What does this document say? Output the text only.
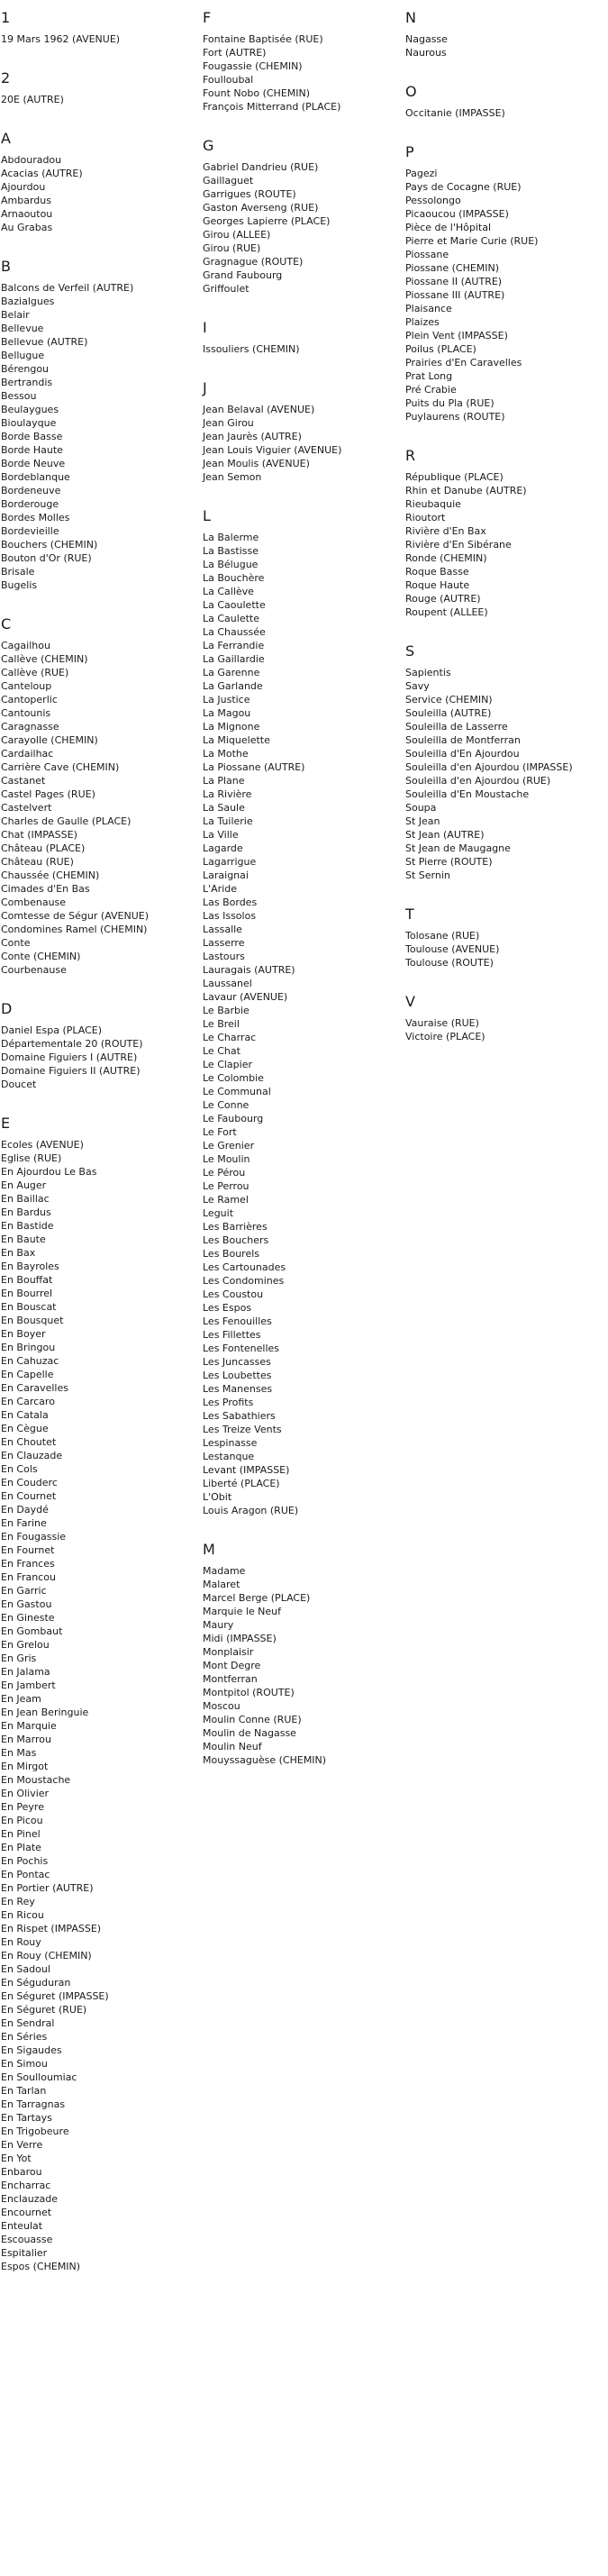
1
19 Mars 1962 (AVENUE)
2
20E (AUTRE)
A
Abdouradou
Acacias (AUTRE)
Ajourdou
Ambardus
Arnaoutou
Au Grabas
B
Balcons de Verfeil (AUTRE)
Bazialgues
Belair
Bellevue
Bellevue (AUTRE)
Bellugue
Bérengou
Bertrandis
Bessou
Beulaygues
Bioulayque
Borde Basse
Borde Haute
Borde Neuve
Bordeblanque
Bordeneuve
Borderouge
Bordes Molles
Bordevieille
Bouchers (CHEMIN)
Bouton d'Or (RUE)
Brisale
Bugelis
C
Cagailhou
Callève (CHEMIN)
Callève (RUE)
Canteloup
Cantoperlic
Cantounis
Caragnasse
Carayolle (CHEMIN)
Cardailhac
Carrière Cave (CHEMIN)
Castanet
Castel Pages (RUE)
Castelvert
Charles de Gaulle (PLACE)
Chat (IMPASSE)
Château (PLACE)
Château (RUE)
Chaussée (CHEMIN)
Cimades d'En Bas
Combenause
Comtesse de Ségur (AVENUE)
Condomines Ramel (CHEMIN)
Conte
Conte (CHEMIN)
Courbenause
D
Daniel Espa (PLACE)
Départementale 20 (ROUTE)
Domaine Figuiers I (AUTRE)
Domaine Figuiers II (AUTRE)
Doucet
E
Ecoles (AVENUE)
Eglise (RUE)
En Ajourdou Le Bas
En Auger
En Baillac
En Bardus
En Bastide
En Baute
En Bax
En Bayroles
En Bouffat
En Bourrel
En Bouscat
En Bousquet
En Boyer
En Bringou
En Cahuzac
En Capelle
En Caravelles
En Carcaro
En Catala
En Cègue
En Choutet
En Clauzade
En Cols
En Couderc
En Cournet
En Daydé
En Farine
En Fougassie
En Fournet
En Frances
En Francou
En Garric
En Gastou
En Gineste
En Gombaut
En Grelou
En Gris
En Jalama
En Jambert
En Jeam
En Jean Beringuie
En Marquie
En Marrou
En Mas
En Mirgot
En Moustache
En Olivier
En Peyre
En Picou
En Pinel
En Plate
En Pochis
En Pontac
En Portier (AUTRE)
En Rey
En Ricou
En Rispet (IMPASSE)
En Rouy
En Rouy (CHEMIN)
En Sadoul
En Séguduran
En Séguret (IMPASSE)
En Séguret (RUE)
En Sendral
En Séries
En Sigaudes
En Simou
En Soulloumiac
En Tarlan
En Tarragnas
En Tartays
En Trigobeure
En Verre
En Yot
Enbarou
Encharrac
Enclauzade
Encournet
Enteulat
Escouasse
Espitalier
Espos (CHEMIN)
F
Fontaine Baptisée (RUE)
Fort (AUTRE)
Fougassie (CHEMIN)
Foulloubal
Fount Nobo (CHEMIN)
François Mitterrand (PLACE)
G
Gabriel Dandrieu (RUE)
Gaillaguet
Garrigues (ROUTE)
Gaston Averseng (RUE)
Georges Lapierre (PLACE)
Girou (ALLEE)
Girou (RUE)
Gragnague (ROUTE)
Grand Faubourg
Griffoulet
I
Issouliers (CHEMIN)
J
Jean Belaval (AVENUE)
Jean Girou
Jean Jaurès (AUTRE)
Jean Louis Viguier (AVENUE)
Jean Moulis (AVENUE)
Jean Semon
L
La Balerme
La Bastisse
La Bélugue
La Bouchère
La Callève
La Caoulette
La Caulette
La Chaussée
La Ferrandie
La Gaillardie
La Garenne
La Garlande
La Justice
La Magou
La Mignone
La Miquelette
La Mothe
La Piossane (AUTRE)
La Plane
La Rivière
La Saule
La Tuilerie
La Ville
Lagarde
Lagarrigue
Laraignai
L'Aride
Las Bordes
Las Issolos
Lassalle
Lasserre
Lastours
Lauragais (AUTRE)
Laussanel
Lavaur (AVENUE)
Le Barbie
Le Breil
Le Charrac
Le Chat
Le Clapier
Le Colombie
Le Communal
Le Conne
Le Faubourg
Le Fort
Le Grenier
Le Moulin
Le Pérou
Le Perrou
Le Ramel
Leguit
Les Barrières
Les Bouchers
Les Bourels
Les Cartounades
Les Condomines
Les Coustou
Les Espos
Les Fenouilles
Les Fillettes
Les Fontenelles
Les Juncasses
Les Loubettes
Les Manenses
Les Profits
Les Sabathiers
Les Treize Vents
Lespinasse
Lestanque
Levant (IMPASSE)
Liberté (PLACE)
L'Obit
Louis Aragon (RUE)
M
Madame
Malaret
Marcel Berge (PLACE)
Marquie le Neuf
Maury
Midi (IMPASSE)
Monplaisir
Mont Degre
Montferran
Montpitol (ROUTE)
Moscou
Moulin Conne (RUE)
Moulin de Nagasse
Moulin Neuf
Mouyssaguèse (CHEMIN)
N
Nagasse
Naurous
O
Occitanie (IMPASSE)
P
Pagezi
Pays de Cocagne (RUE)
Pessolongo
Picaoucou (IMPASSE)
Pièce de l'Hôpital
Pierre et Marie Curie (RUE)
Piossane
Piossane (CHEMIN)
Piossane II (AUTRE)
Piossane III (AUTRE)
Plaisance
Plaizes
Plein Vent (IMPASSE)
Poilus (PLACE)
Prairies d'En Caravelles
Prat Long
Pré Crabie
Puits du Pla (RUE)
Puylaurens (ROUTE)
R
République (PLACE)
Rhin et Danube (AUTRE)
Rieubaquie
Rioutort
Rivière d'En Bax
Rivière d'En Sibérane
Ronde (CHEMIN)
Roque Basse
Roque Haute
Rouge (AUTRE)
Roupent (ALLEE)
S
Sapientis
Savy
Service (CHEMIN)
Souleilla (AUTRE)
Souleilla de Lasserre
Souleilla de Montferran
Souleilla d'En Ajourdou
Souleilla d'en Ajourdou (IMPASSE)
Souleilla d'en Ajourdou (RUE)
Souleilla d'En Moustache
Soupa
St Jean
St Jean (AUTRE)
St Jean de Maugagne
St Pierre (ROUTE)
St Sernin
T
Tolosane (RUE)
Toulouse (AVENUE)
Toulouse (ROUTE)
V
Vauraise (RUE)
Victoire (PLACE)
